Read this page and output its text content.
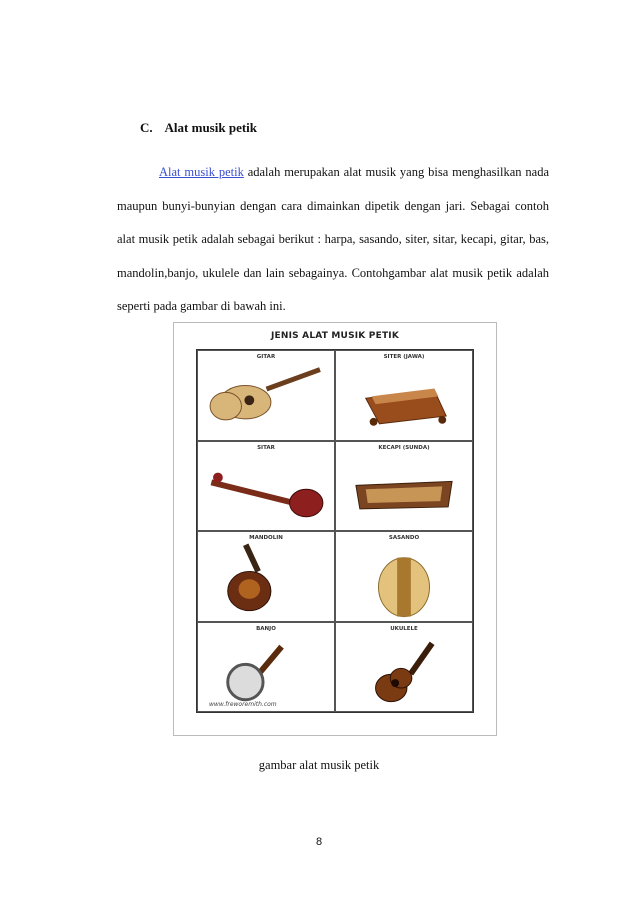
C. Alat musik petik
Alat musik petik adalah merupakan alat musik yang bisa menghasilkan nada maupun bunyi-bunyian dengan cara dimainkan dipetik dengan jari. Sebagai contoh alat musik petik adalah sebagai berikut : harpa, sasando, siter, sitar, kecapi, gitar, bas, mandolin,banjo, ukulele dan lain sebagainya. Contohgambar alat musik petik adalah seperti pada gambar di bawah ini.
JENIS ALAT MUSIK PETIK
GITAR	SITER (JAWA)
SITAR	KECAPI (SUNDA)
MANDOLIN	SASANDO
BANJO	UKULELE
www.freworemith.com
gambar alat musik petik
8
